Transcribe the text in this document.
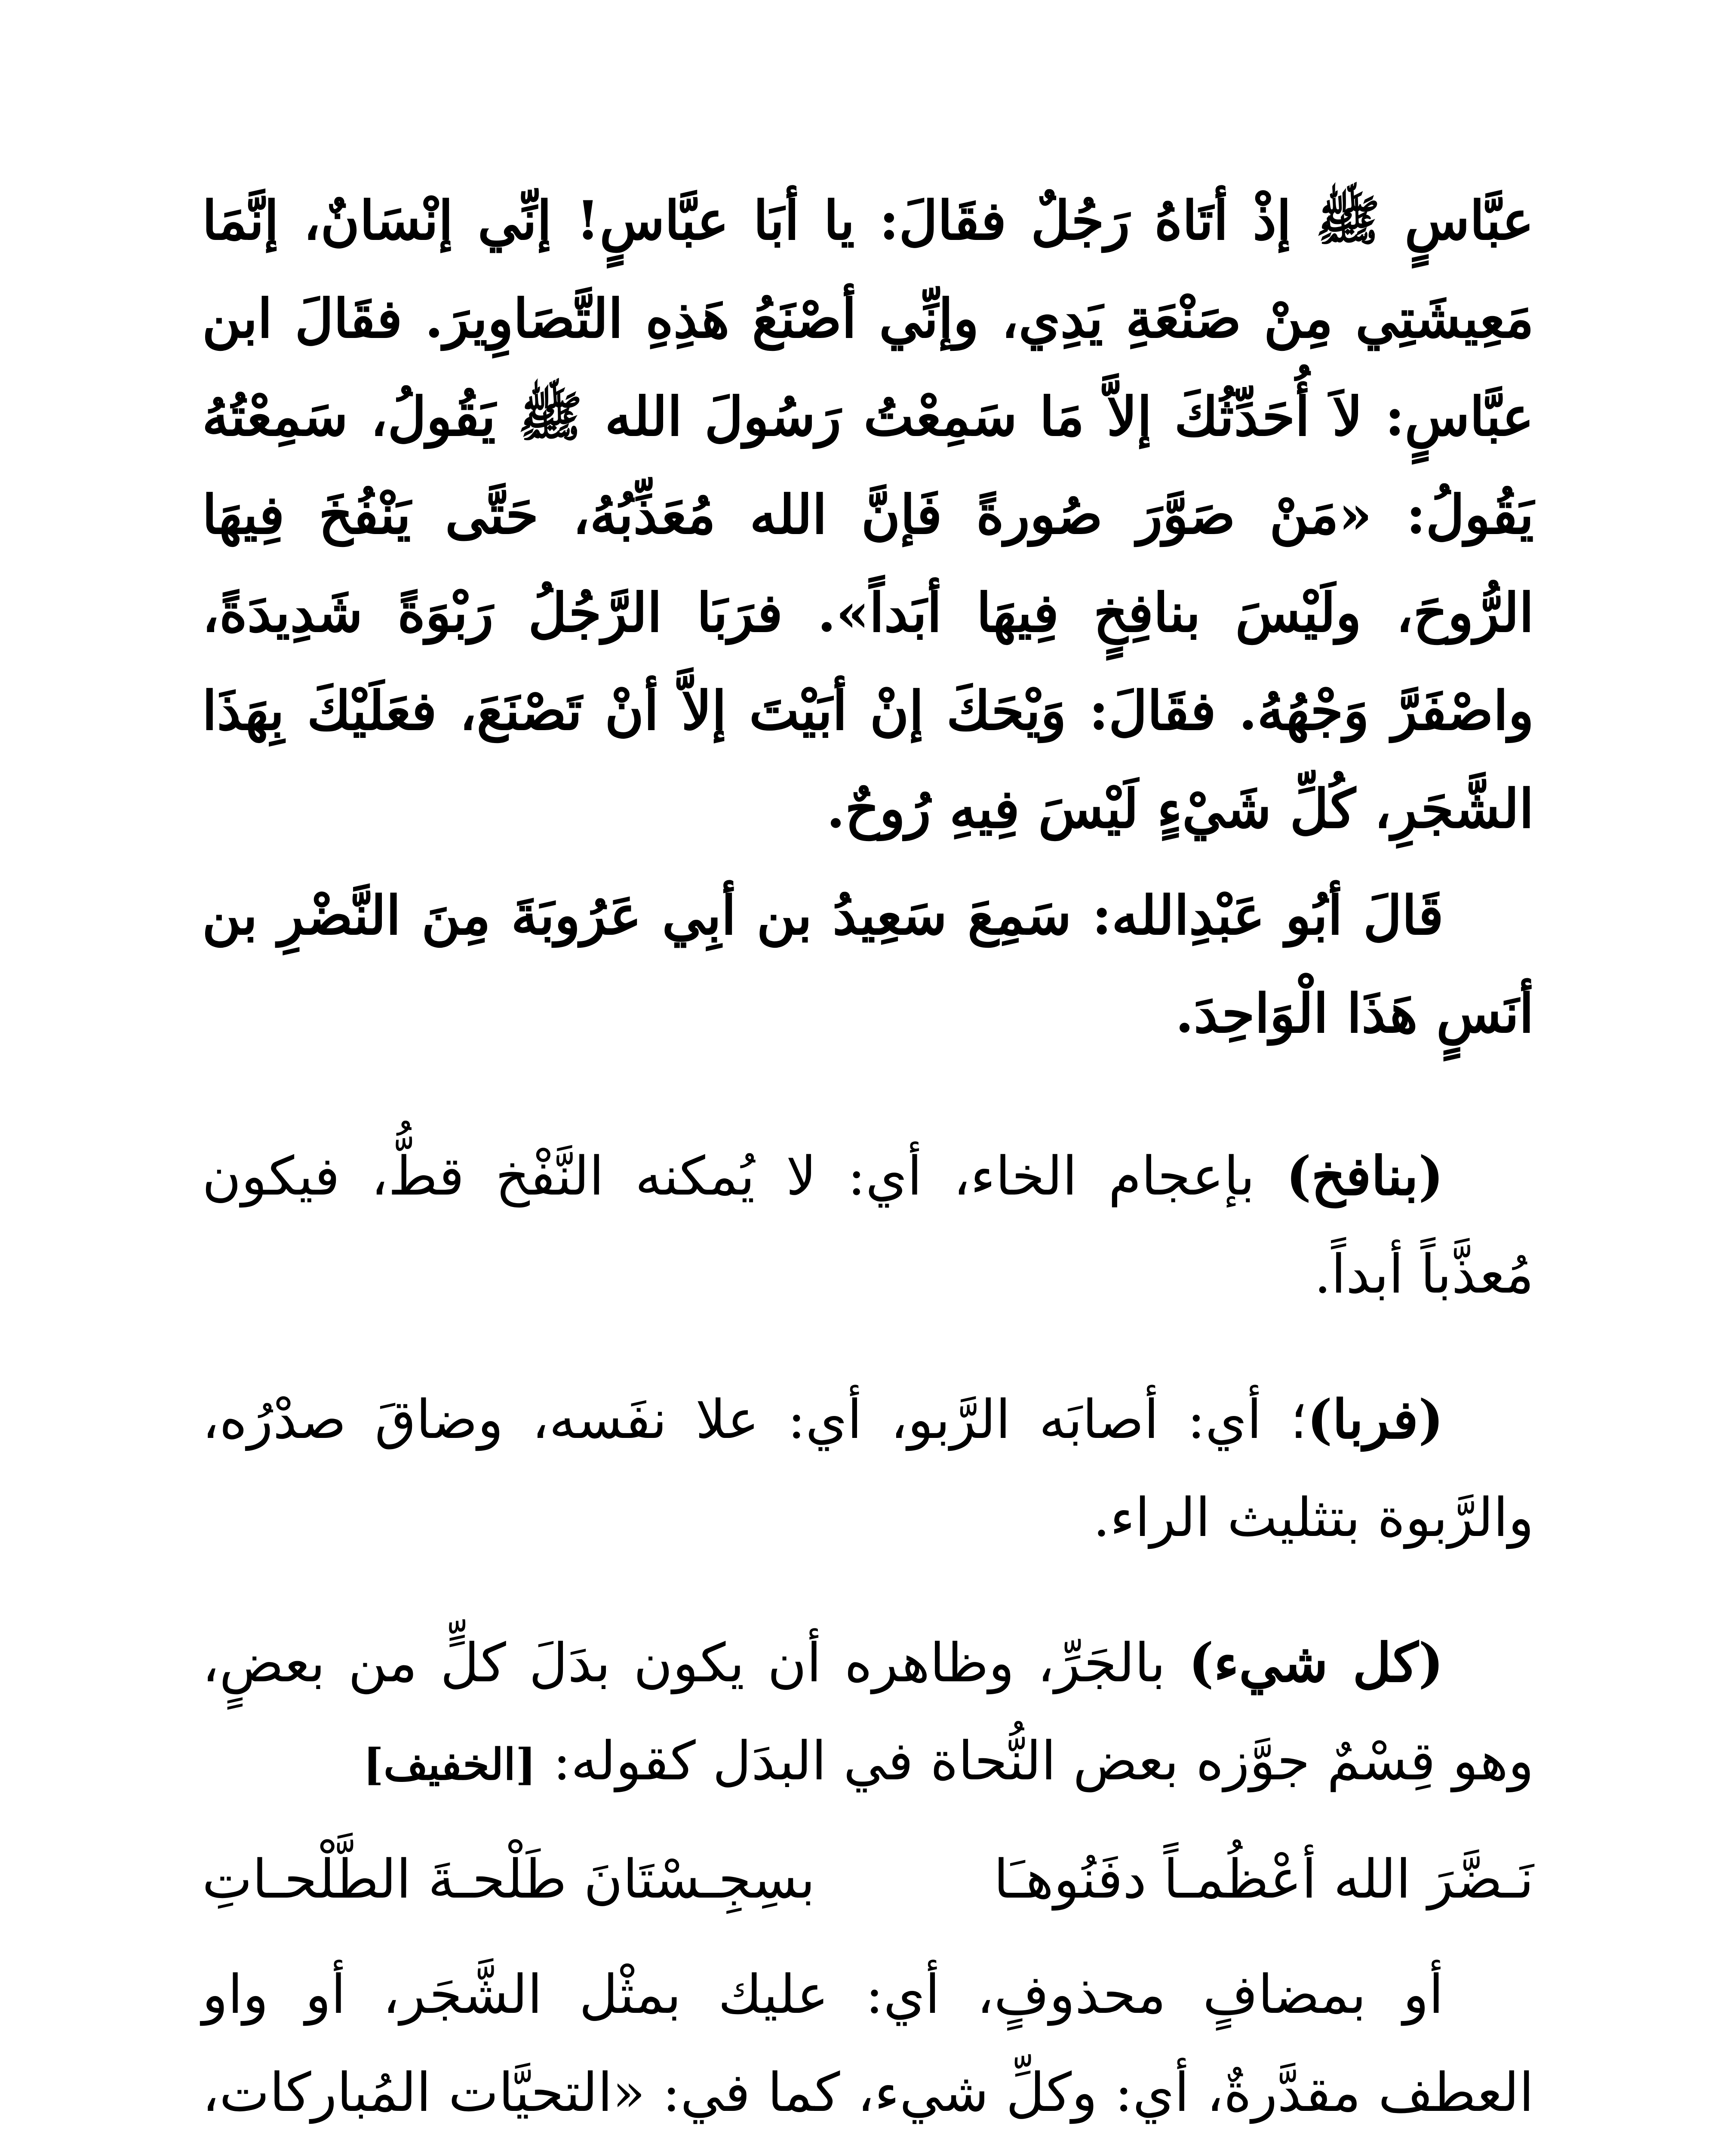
عبَّاسٍ ﷺ إذْ أتَاهُ رَجُلٌ فقَالَ: يا أبَا عبَّاسٍ! إنِّي إنْسَانٌ، إنَّمَا مَعِيشَتِي مِنْ صَنْعَةِ يَدِي، وإنِّي أصْنَعُ هَذِهِ التَّصَاوِيرَ. فقَالَ ابن عبَّاسٍ: لاَ أُحَدِّثُكَ إلاَّ مَا سَمِعْتُ رَسُولَ الله ﷺ يَقُولُ، سَمِعْتُهُ يَقُولُ: «مَنْ صَوَّرَ صُورةً فَإنَّ الله مُعَذِّبُهُ، حَتَّى يَنْفُخَ فِيهَا الرُّوحَ، ولَيْسَ بنافِخٍ فِيهَا أبَداً». فرَبَا الرَّجُلُ رَبْوَةً شَدِيدَةً، واصْفَرَّ وَجْهُهُ. فقَالَ: وَيْحَكَ إنْ أبَيْتَ إلاَّ أنْ تَصْنَعَ، فعَلَيْكَ بِهَذَا الشَّجَرِ، كُلِّ شَيْءٍ لَيْسَ فِيهِ رُوحٌ.

قَالَ أبُو عَبْدِالله: سَمِعَ سَعِيدُ بن أبِي عَرُوبَةَ مِنَ النَّضْرِ بن أنَسٍ هَذَا الْوَاحِدَ.

(بنافخ) بإعجام الخاء، أي: لا يُمكنه النَّفْخ قطُّ، فيكون مُعذَّباً أبداً.

(فربا)؛ أي: أصابَه الرَّبو، أي: علا نفَسه، وضاقَ صدْرُه، والرَّبوة بتثليث الراء.

(كل شيء) بالجَرِّ، وظاهره أن يكون بدَلَ كلٍّ من بعضٍ، وهو قِسْمٌ جوَّزه بعض النُّحاة في البدَل كقوله: [الخفيف]

نَـضَّرَ الله أعْظُمـاً دفَنُوهـَا
بسِجِـسْتَانَ طَلْحـةَ الطَّلْحـاتِ

أو بمضافٍ محذوفٍ، أي: عليك بمثْل الشَّجَر، أو واو العطف مقدَّرةٌ، أي: وكلِّ شيء، كما في: «التحيَّات المُباركات،
